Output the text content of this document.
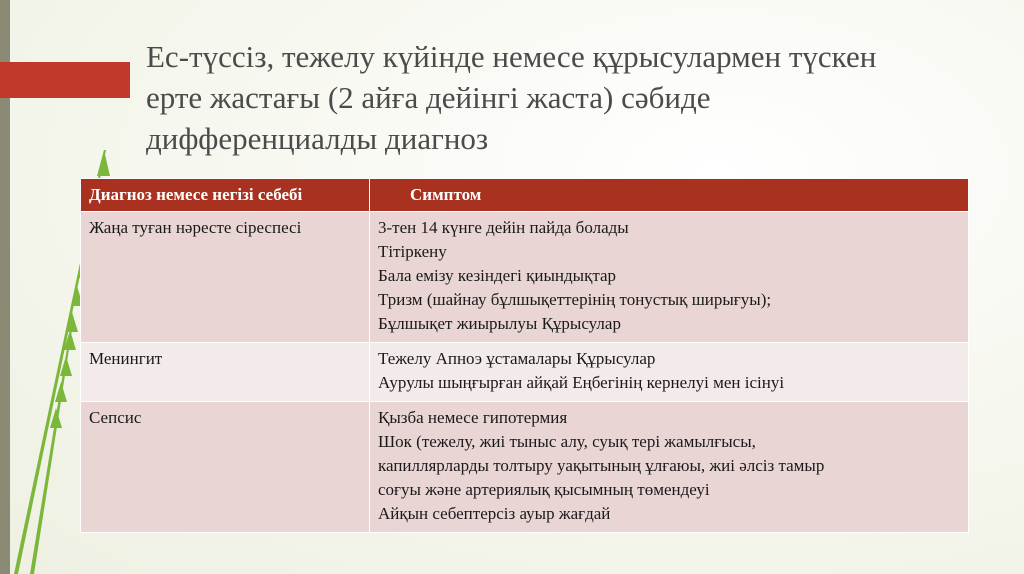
Ес-түссіз, тежелу күйінде немесе құрысулармен түскен
ерте жастағы (2 айға дейінгі жаста) сәбиде
дифференциалды диагноз
Диагноз немесе негізі себебі	Симптом
Жаңа туған нәресте сіреспесі	3-тен 14 күнге дейін пайда болады
Тітіркену
Бала емізу кезіндегі қиындықтар
Тризм (шайнау бұлшықеттерінің тонустық ширығуы);
Бұлшықет жиырылуы Құрысулар

Менингит	Тежелу Апноэ ұстамалары Құрысулар
Аурулы шыңғырған айқай Еңбегінің кернелуі мен ісінуі

Сепсис	Қызба немесе гипотермия
Шок (тежелу, жиі тыныс алу, суық тері жамылғысы,
капиллярларды толтыру уақытының ұлғаюы, жиі әлсіз тамыр
соғуы және артериялық қысымның төмендеуі
Айқын себептерсіз ауыр жағдай
